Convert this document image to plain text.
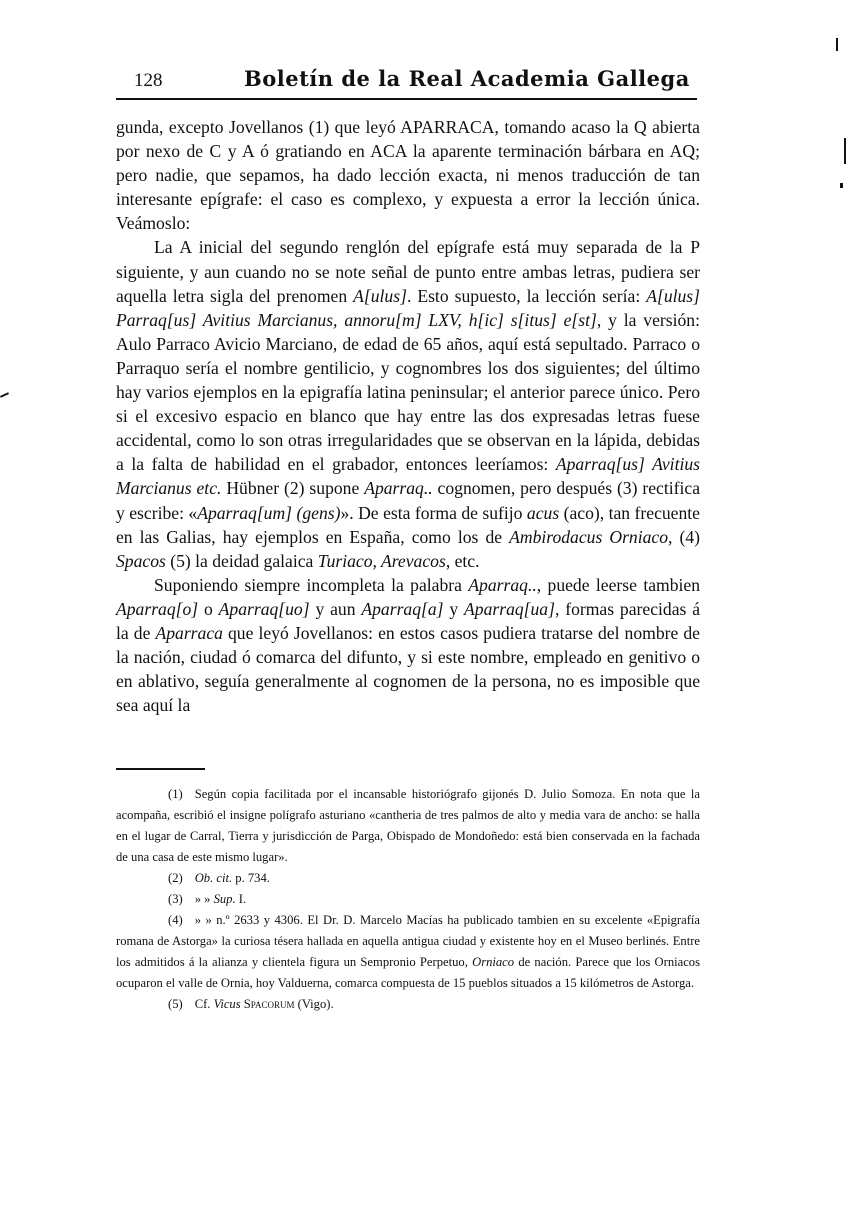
128	Boletín de la Real Academia Gallega

gunda, excepto Jovellanos (1) que leyó APARRACA, tomando acaso la Q abierta por nexo de C y A ó gratiando en ACA la aparente terminación bárbara en AQ; pero nadie, que sepamos, ha dado lección exacta, ni menos traducción de tan interesante epígrafe: el caso es complexo, y expuesta a error la lección única. Veámoslo:

La A inicial del segundo renglón del epígrafe está muy separada de la P siguiente, y aun cuando no se note señal de punto entre ambas letras, pudiera ser aquella letra sigla del prenomen A[ulus]. Esto supuesto, la lección sería: A[ulus] Parraq[us] Avitius Marcianus, annoru[m] LXV, h[ic] s[itus] e[st], y la versión: Aulo Parraco Avicio Marciano, de edad de 65 años, aquí está sepultado. Parraco o Parraquo sería el nombre gentilicio, y cognombres los dos siguientes; del último hay varios ejemplos en la epigrafía latina peninsular; el anterior parece único. Pero si el excesivo espacio en blanco que hay entre las dos expresadas letras fuese accidental, como lo son otras irregularidades que se observan en la lápida, debidas a la falta de habilidad en el grabador, entonces leeríamos: Aparraq[us] Avitius Marcianus etc. Hübner (2) supone Aparraq.. cognomen, pero después (3) rectifica y escribe: «Aparraq[um] (gens)». De esta forma de sufijo acus (aco), tan frecuente en las Galias, hay ejemplos en España, como los de Ambirodacus Orniaco, (4) Spacos (5) la deidad galaica Turiaco, Arevacos, etc.

Suponiendo siempre incompleta la palabra Aparraq.., puede leerse tambien Aparraq[o] o Aparraq[uo] y aun Aparraq[a] y Aparraq[ua], formas parecidas á la de Aparraca que leyó Jovellanos: en estos casos pudiera tratarse del nombre de la nación, ciudad ó comarca del difunto, y si este nombre, empleado en genitivo o en ablativo, seguía generalmente al cognomen de la persona, no es imposible que sea aquí la

(1) Según copia facilitada por el incansable historiógrafo gijonés D. Julio Somoza. En nota que la acompaña, escribió el insigne polígrafo asturiano «cantheria de tres palmos de alto y media vara de ancho: se halla en el lugar de Carral, Tierra y jurisdicción de Parga, Obispado de Mondoñedo: está bien conservada en la fachada de una casa de este mismo lugar».

(2) Ob. cit. p. 734.

(3) » » Sup. I.

(4) » » n.º 2633 y 4306. El Dr. D. Marcelo Macías ha publicado tambien en su excelente «Epigrafía romana de Astorga» la curiosa tésera hallada en aquella antigua ciudad y existente hoy en el Museo berlinés. Entre los admitidos á la alianza y clientela figura un Sempronio Perpetuo, Orniaco de nación. Parece que los Orniacos ocuparon el valle de Ornia, hoy Valduerna, comarca compuesta de 15 pueblos situados a 15 kilómetros de Astorga.

(5) Cf. Vicus Spacorum (Vigo).
